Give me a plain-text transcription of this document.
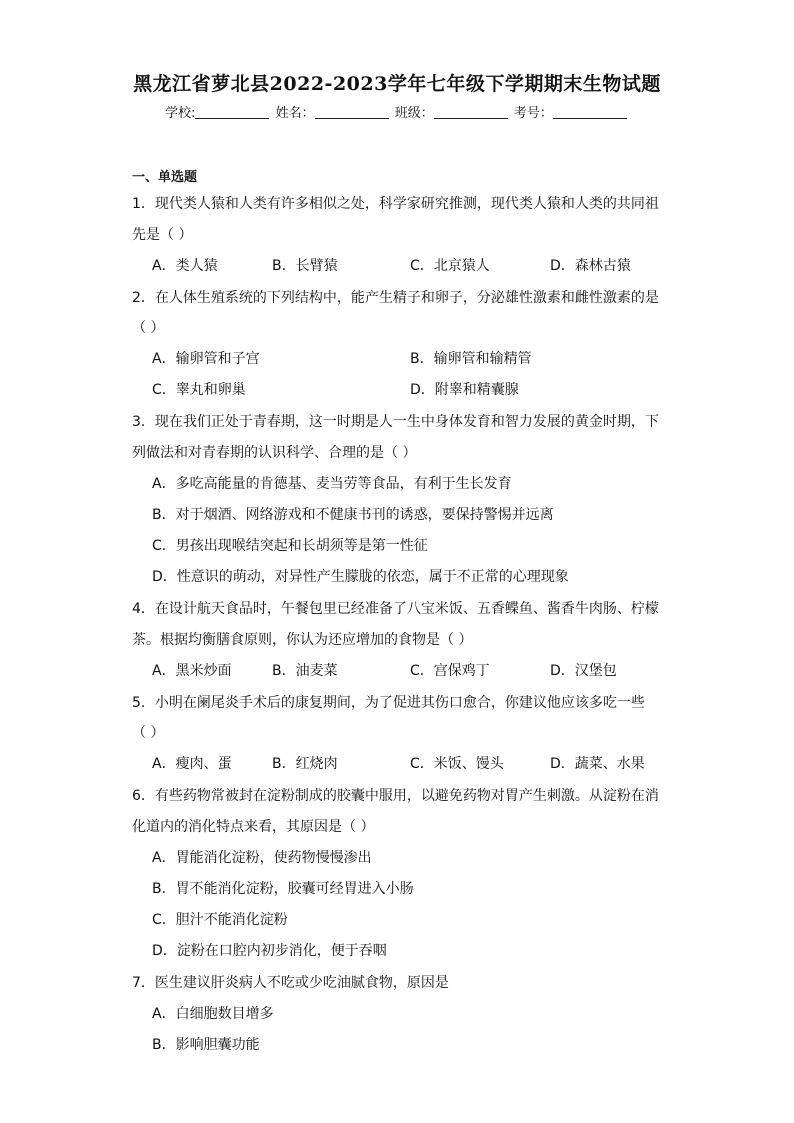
黑龙江省萝北县2022-2023学年七年级下学期期末生物试题
学校:	姓名：	班级：	考号：
一、单选题
1．现代类人猿和人类有许多相似之处，科学家研究推测，现代类人猿和人类的共同祖
先是（ ）
A．类人猿	B．长臂猿	C．北京猿人	D．森林古猿
2．在人体生殖系统的下列结构中，能产生精子和卵子，分泌雄性激素和雌性激素的是
（ ）
A．输卵管和子宫	B．输卵管和输精管
C．睾丸和卵巢	D．附睾和精囊腺
3．现在我们正处于青春期，这一时期是人一生中身体发育和智力发展的黄金时期，下
列做法和对青春期的认识科学、合理的是（ ）
A．多吃高能量的肯德基、麦当劳等食品，有利于生长发育
B．对于烟酒、网络游戏和不健康书刊的诱惑，要保持警惕并远离
C．男孩出现喉结突起和长胡须等是第一性征
D．性意识的萌动，对异性产生朦胧的依恋，属于不正常的心理现象
4．在设计航天食品时，午餐包里已经准备了八宝米饭、五香鲽鱼、酱香牛肉肠、柠檬
茶。根据均衡膳食原则，你认为还应增加的食物是（ ）
A．黑米炒面	B．油麦菜	C．宫保鸡丁	D．汉堡包
5．小明在阑尾炎手术后的康复期间，为了促进其伤口愈合，你建议他应该多吃一些
（ ）
A．瘦肉、蛋	B．红烧肉	C．米饭、馒头	D．蔬菜、水果
6．有些药物常被封在淀粉制成的胶囊中服用，以避免药物对胃产生刺激。从淀粉在消
化道内的消化特点来看，其原因是（ ）
A．胃能消化淀粉，使药物慢慢渗出
B．胃不能消化淀粉，胶囊可经胃进入小肠
C．胆汁不能消化淀粉
D．淀粉在口腔内初步消化，便于吞咽
7．医生建议肝炎病人不吃或少吃油腻食物，原因是
A．白细胞数目增多
B．影响胆囊功能
